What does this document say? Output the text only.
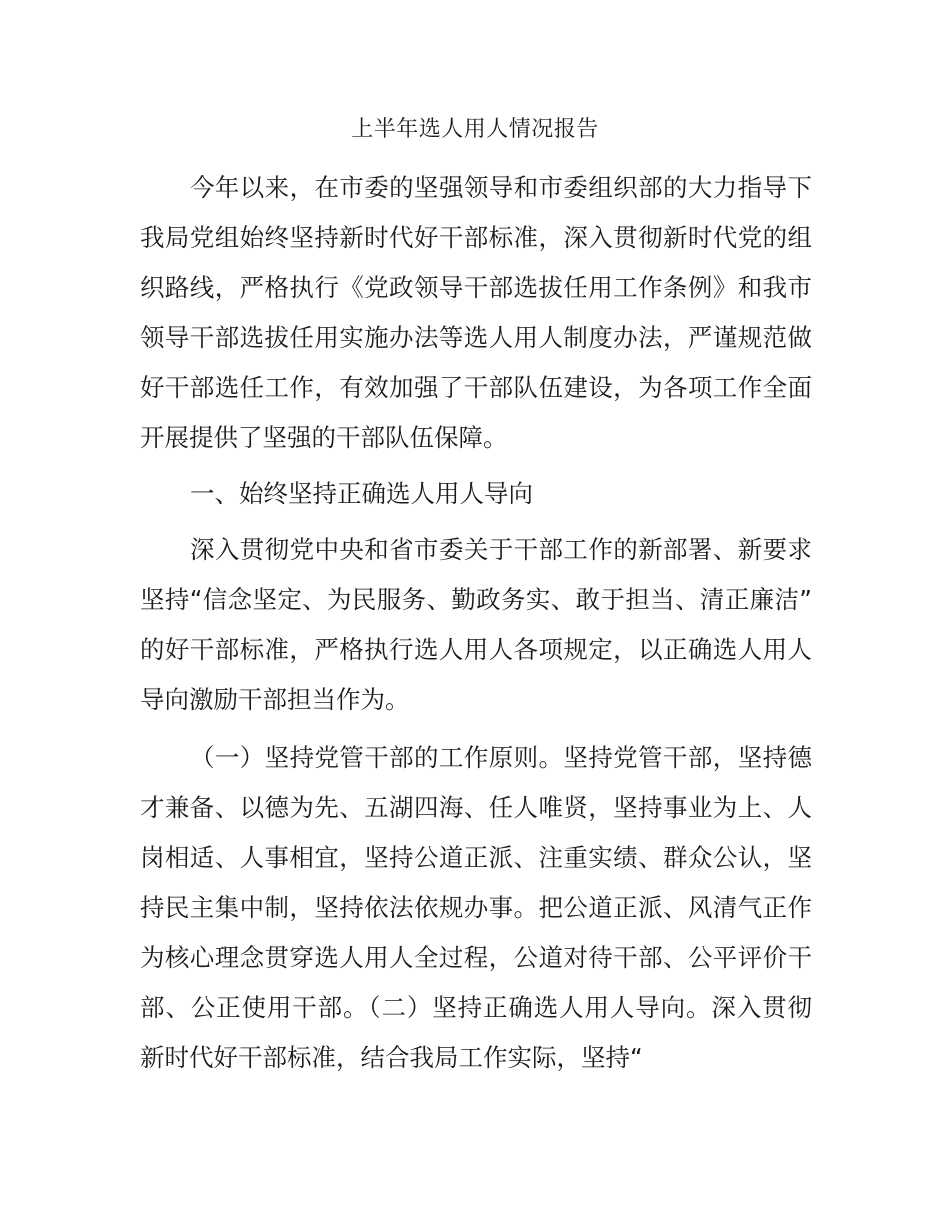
上半年选人用人情况报告
今年以来，在市委的坚强领导和市委组织部的大力指导下
我局党组始终坚持新时代好干部标准，深入贯彻新时代党的组
织路线，严格执行《党政领导干部选拔任用工作条例》和我市
领导干部选拔任用实施办法等选人用人制度办法，严谨规范做
好干部选任工作，有效加强了干部队伍建设，为各项工作全面
开展提供了坚强的干部队伍保障。
一、始终坚持正确选人用人导向
深入贯彻党中央和省市委关于干部工作的新部署、新要求
坚持“信念坚定、为民服务、勤政务实、敢于担当、清正廉洁”
的好干部标准，严格执行选人用人各项规定，以正确选人用人
导向激励干部担当作为。
（一）坚持党管干部的工作原则。坚持党管干部，坚持德
才兼备、以德为先、五湖四海、任人唯贤，坚持事业为上、人
岗相适、人事相宜，坚持公道正派、注重实绩、群众公认，坚
持民主集中制，坚持依法依规办事。把公道正派、风清气正作
为核心理念贯穿选人用人全过程，公道对待干部、公平评价干
部、公正使用干部。（二）坚持正确选人用人导向。深入贯彻
新时代好干部标准，结合我局工作实际，坚持“
